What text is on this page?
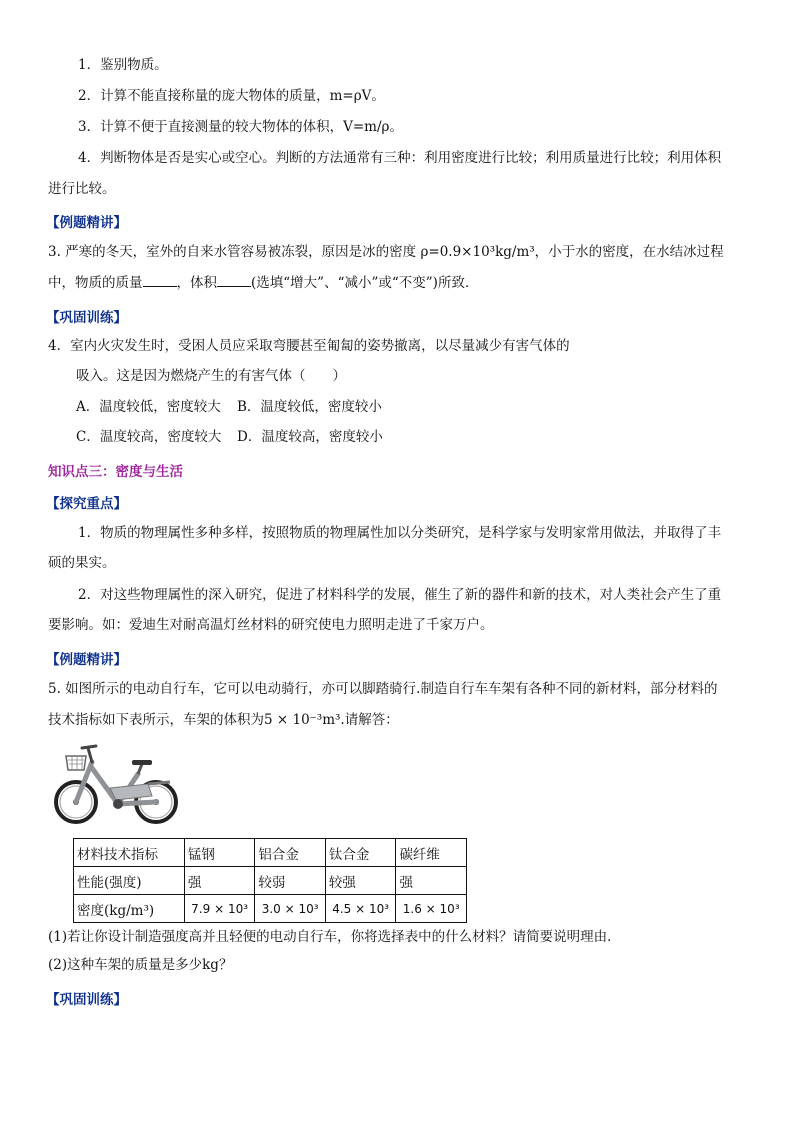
1．鉴别物质。
2．计算不能直接称量的庞大物体的质量，m=ρV。
3．计算不便于直接测量的较大物体的体积，V=m/ρ。
4．判断物体是否是实心或空心。判断的方法通常有三种：利用密度进行比较；利用质量进行比较；利用体积
进行比较。
【例题精讲】
3. 严寒的冬天，室外的自来水管容易被冻裂，原因是冰的密度 ρ=0.9×10³kg/m³，小于水的密度，在水结冰过程
中，物质的质量	，体积	(选填“增大”、“减小”或“不变”)所致．
【巩固训练】
4．室内火灾发生时，受困人员应采取弯腰甚至匍匐的姿势撤离，以尽量减少有害气体的
吸入。这是因为燃烧产生的有害气体（　　）
A．温度较低，密度较大 B．温度较低，密度较小
C．温度较高，密度较大 D．温度较高，密度较小
知识点三：密度与生活
【探究重点】
1．物质的物理属性多种多样，按照物质的物理属性加以分类研究，是科学家与发明家常用做法，并取得了丰
硕的果实。
2．对这些物理属性的深入研究，促进了材料科学的发展，催生了新的器件和新的技术，对人类社会产生了重
要影响。如：爱迪生对耐高温灯丝材料的研究使电力照明走进了千家万户。
【例题精讲】
5. 如图所示的电动自行车，它可以电动骑行，亦可以脚踏骑行.制造自行车车架有各种不同的新材料，部分材料的
技术指标如下表所示，车架的体积为5 × 10⁻³m³.请解答：
材料技术指标	锰钢	铝合金	钛合金	碳纤维
性能(强度)	强	较弱	较强	强
密度(kg/m³)	7.9 × 10³	3.0 × 10³	4.5 × 10³	1.6 × 10³
(1)若让你设计制造强度高并且轻便的电动自行车，你将选择表中的什么材料？请简要说明理由．
(2)这种车架的质量是多少kg？
【巩固训练】
